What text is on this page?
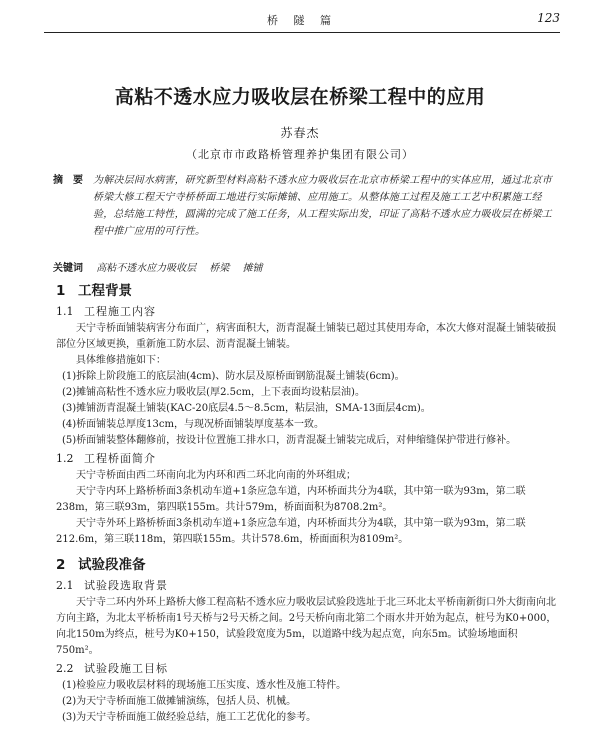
桥 隧 篇	123
高粘不透水应力吸收层在桥梁工程中的应用
苏春杰
（北京市市政路桥管理养护集团有限公司）
摘　要	为解决层间水病害，研究新型材料高粘不透水应力吸收层在北京市桥梁工程中的实体应用，通过北京市桥梁大修工程天宁寺桥桥面工地进行实际摊铺、应用施工。从整体施工过程及施工工艺中积累施工经验，总结施工特性，圆满的完成了施工任务，从工程实际出发，印证了高粘不透水应力吸收层在桥梁工程中推广应用的可行性。
关键词 高粘不透水应力吸收层 桥梁 摊铺
1 工程背景
1.1 工程施工内容

天宁寺桥面铺装病害分布面广，病害面积大，沥青混凝土铺装已超过其使用寿命，本次大修对混凝土铺装破损部位分区域更换，重新施工防水层、沥青混凝土铺装。

具体维修措施如下：

(1)拆除上阶段施工的底层油(4cm)、防水层及原桥面钢筋混凝土铺装(6cm)。

(2)摊铺高粘性不透水应力吸收层(厚2.5cm，上下表面均设粘层油)。

(3)摊铺沥青混凝土铺装(KAC-20底层4.5～8.5cm，粘层油，SMA-13面层4cm)。

(4)桥面铺装总厚度13cm，与现况桥面铺装厚度基本一致。

(5)桥面铺装整体翻修前，按设计位置施工排水口，沥青混凝土铺装完成后，对伸缩缝保护带进行修补。

1.2 工程桥面简介

天宁寺桥面由西二环南向北为内环和西二环北向南的外环组成；

天宁寺内环上路桥桥面3条机动车道+1条应急车道，内环桥面共分为4联，其中第一联为93m，第二联238m，第三联93m，第四联155m。共计579m，桥面面积为8708.2m²。

天宁寺外环上路桥桥面3条机动车道+1条应急车道，内环桥面共分为4联，其中第一联为93m，第二联212.6m，第三联118m，第四联155m。共计578.6m，桥面面积为8109m²。

2 试验段准备
2.1 试验段选取背景

天宁寺二环内外环上路桥大修工程高粘不透水应力吸收层试验段选址于北三环北太平桥南新街口外大街南向北方向主路，为北太平桥桥南1号天桥与2号天桥之间。2号天桥向南北第二个雨水井开始为起点，桩号为K0+000，向北150m为终点，桩号为K0+150，试验段宽度为5m，以道路中线为起点宽，向东5m。试验场地面积750m²。

2.2 试验段施工目标

(1)检验应力吸收层材料的现场施工压实度、透水性及施工特件。

(2)为天宁寺桥面施工做摊铺演练，包括人员、机械。

(3)为天宁寺桥面施工做经验总结，施工工艺优化的参考。
